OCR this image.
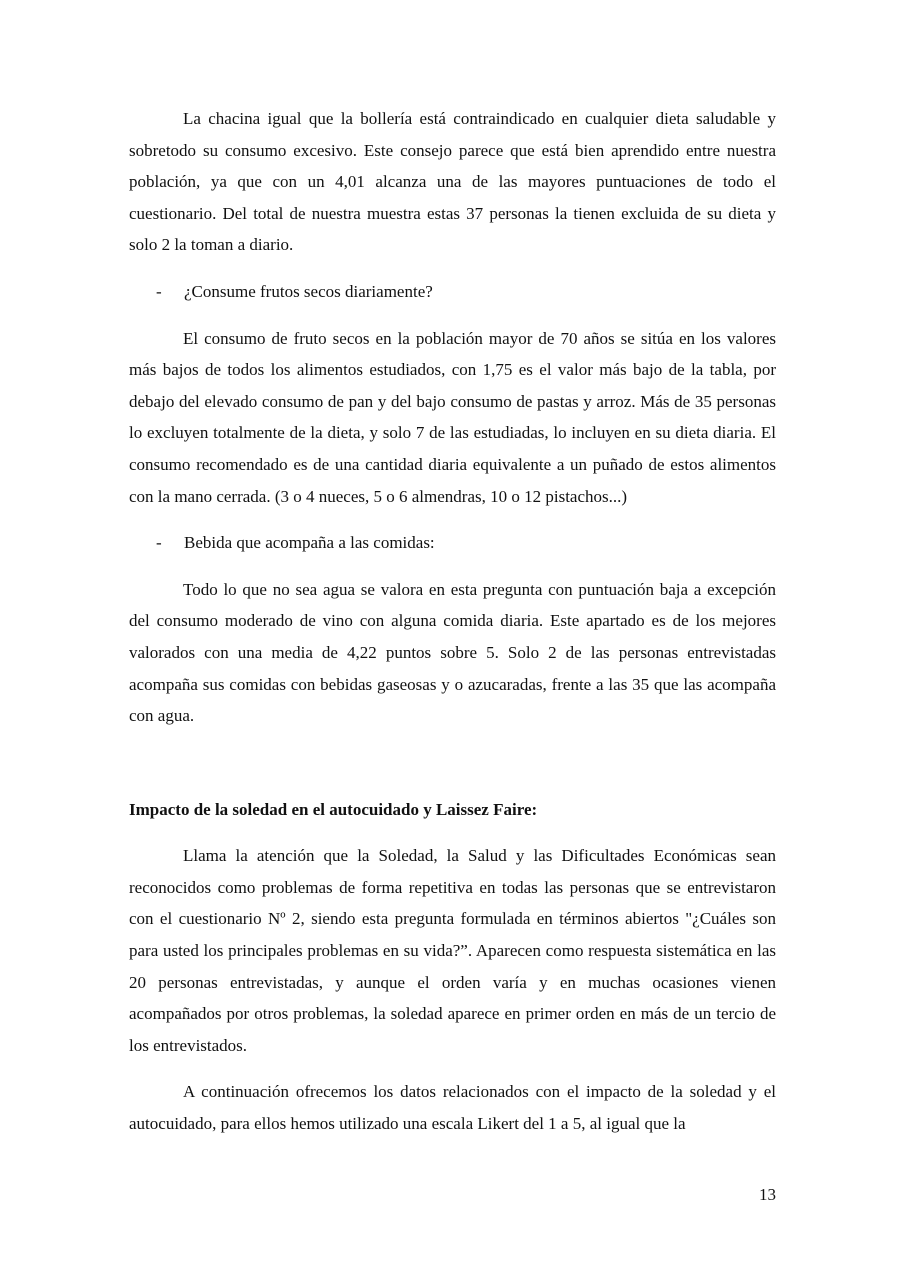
La chacina igual que la bollería está contraindicado en cualquier dieta saludable y sobretodo su consumo excesivo. Este consejo parece que está bien aprendido entre nuestra población, ya que con un 4,01 alcanza una de las mayores puntuaciones de todo el cuestionario. Del total de nuestra muestra estas 37 personas la tienen excluida de su dieta y solo 2 la toman a diario.

-	¿Consume frutos secos diariamente?

El consumo de fruto secos en la población mayor de 70 años se sitúa en los valores más bajos de todos los alimentos estudiados, con 1,75 es el valor más bajo de la tabla, por debajo del elevado consumo de pan y del bajo consumo de pastas y arroz. Más de 35 personas lo excluyen totalmente de la dieta, y solo 7 de las estudiadas, lo incluyen en su dieta diaria. El consumo recomendado es de una cantidad diaria equivalente a un puñado de estos alimentos con la mano cerrada. (3 o 4 nueces, 5 o 6 almendras, 10 o 12 pistachos...)

-	Bebida que acompaña a las comidas:

Todo lo que no sea agua se valora en esta pregunta con puntuación baja a excepción del consumo moderado de vino con alguna comida diaria. Este apartado es de los mejores valorados con una media de 4,22 puntos sobre 5. Solo 2 de las personas entrevistadas acompaña sus comidas con bebidas gaseosas y o azucaradas, frente a las 35 que las acompaña con agua.

Impacto de la soledad en el autocuidado y Laissez Faire:

Llama la atención que la Soledad, la Salud y las Dificultades Económicas sean reconocidos como problemas de forma repetitiva en todas las personas que se entrevistaron con el cuestionario Nº 2, siendo esta pregunta formulada en términos abiertos "¿Cuáles son para usted los principales problemas en su vida?”. Aparecen como respuesta sistemática en las 20 personas entrevistadas, y aunque el orden varía y en muchas ocasiones vienen acompañados por otros problemas, la soledad aparece en primer orden en más de un tercio de los entrevistados.

A continuación ofrecemos los datos relacionados con el impacto de la soledad y el autocuidado, para ellos hemos utilizado una escala Likert del 1 a 5, al igual que la

13
